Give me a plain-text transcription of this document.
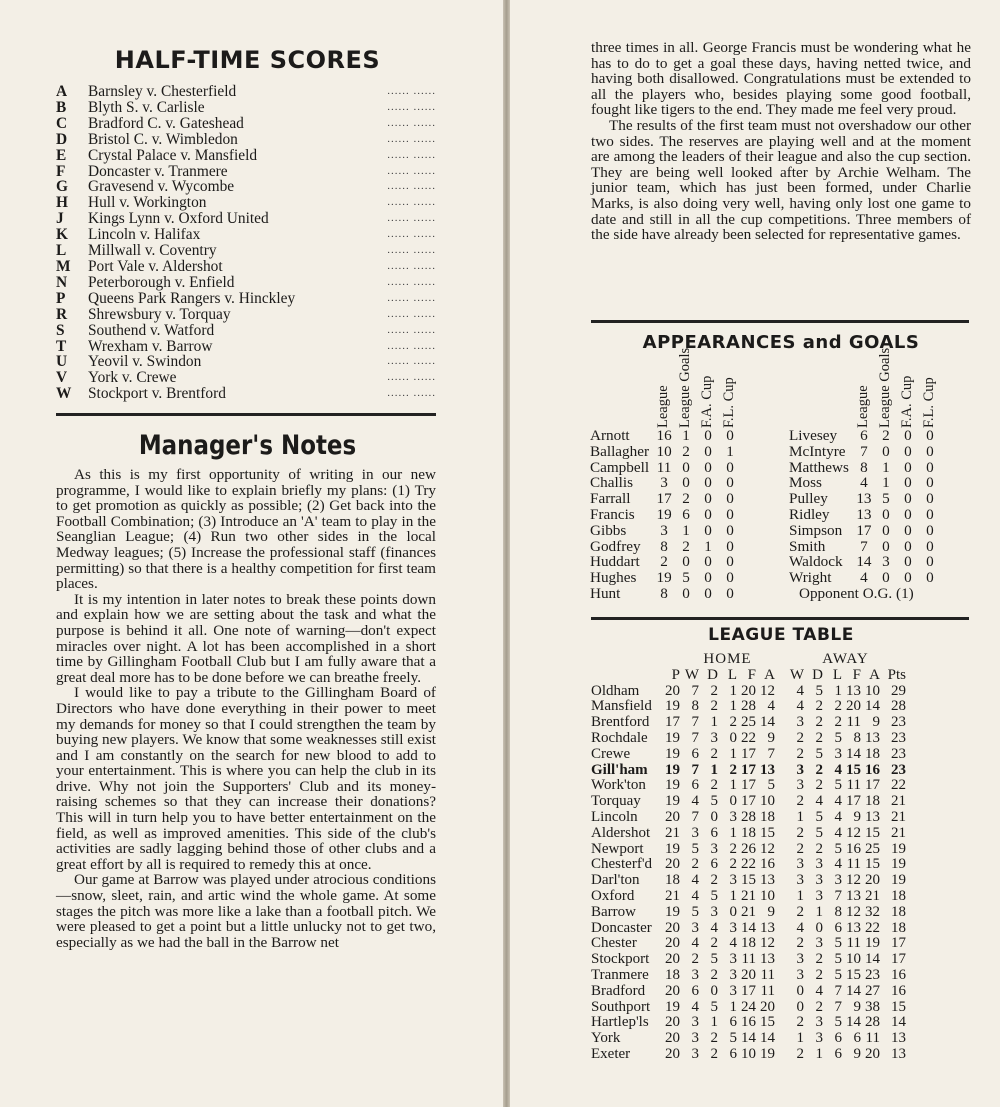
HALF-TIME SCORES
A	Barnsley v. Chesterfield	...... ......
B	Blyth S. v. Carlisle	...... ......
C	Bradford C. v. Gateshead	...... ......
D	Bristol C. v. Wimbledon	...... ......
E	Crystal Palace v. Mansfield	...... ......
F	Doncaster v. Tranmere	...... ......
G	Gravesend v. Wycombe	...... ......
H	Hull v. Workington	...... ......
J	Kings Lynn v. Oxford United	...... ......
K	Lincoln v. Halifax	...... ......
L	Millwall v. Coventry	...... ......
M	Port Vale v. Aldershot	...... ......
N	Peterborough v. Enfield	...... ......
P	Queens Park Rangers v. Hinckley	...... ......
R	Shrewsbury v. Torquay	...... ......
S	Southend v. Watford	...... ......
T	Wrexham v. Barrow	...... ......
U	Yeovil v. Swindon	...... ......
V	York v. Crewe	...... ......
W	Stockport v. Brentford	...... ......
Manager's Notes

As this is my first opportunity of writing in our new programme, I would like to explain briefly my plans: (1) Try to get promotion as quickly as possible; (2) Get back into the Football Combination; (3) Introduce an 'A' team to play in the Seanglian League; (4) Run two other sides in the local Medway leagues; (5) Increase the professional staff (finances permitting) so that there is a healthy competition for first team places.

It is my intention in later notes to break these points down and explain how we are setting about the task and what the purpose is behind it all. One note of warning—don't expect miracles over night. A lot has been accomplished in a short time by Gillingham Football Club but I am fully aware that a great deal more has to be done before we can breathe freely.

I would like to pay a tribute to the Gillingham Board of Directors who have done everything in their power to meet my demands for money so that I could strengthen the team by buying new players. We know that some weaknesses still exist and I am constantly on the search for new blood to add to your entertainment. This is where you can help the club in its drive. Why not join the Supporters' Club and its money-raising schemes so that they can increase their donations? This will in turn help you to have better entertainment on the field, as well as improved amenities. This side of the club's activities are sadly lagging behind those of other clubs and a great effort by all is required to remedy this at once.

Our game at Barrow was played under atrocious conditions—snow, sleet, rain, and artic wind the whole game. At some stages the pitch was more like a lake than a football pitch. We were pleased to get a point but a little unlucky not to get two, especially as we had the ball in the Barrow net

three times in all. George Francis must be wondering what he has to do to get a goal these days, having netted twice, and having both disallowed. Congratulations must be extended to all the players who, besides playing some good football, fought like tigers to the end. They made me feel very proud.

The results of the first team must not overshadow our other two sides. The reserves are playing well and at the moment are among the leaders of their league and also the cup section. They are being well looked after by Archie Welham. The junior team, which has just been formed, under Charlie Marks, is also doing very well, having only lost one game to date and still in all the cup competitions. Three members of the side have already been selected for representative games.

APPEARANCES and GOALS
	League	League Goals	F.A. Cup	F.L. Cup
Arnott	16	1	0	0
Ballagher	10	2	0	1
Campbell	11	0	0	0
Challis	3	0	0	0
Farrall	17	2	0	0
Francis	19	6	0	0
Gibbs	3	1	0	0
Godfrey	8	2	1	0
Huddart	2	0	0	0
Hughes	19	5	0	0
Hunt	8	0	0	0
	League	League Goals	F.A. Cup	F.L. Cup
Livesey	6	2	0	0
McIntyre	7	0	0	0
Matthews	8	1	0	0
Moss	4	1	0	0
Pulley	13	5	0	0
Ridley	13	0	0	0
Simpson	17	0	0	0
Smith	7	0	0	0
Waldock	14	3	0	0
Wright	4	0	0	0
Opponent O.G. (1)				
LEAGUE TABLE
		HOME						AWAY					
	P	W	D	L	F	A		W	D	L	F	A	Pts
Oldham	20	7	2	1	20	12		4	5	1	13	10	29
Mansfield	19	8	2	1	28	4		4	2	2	20	14	28
Brentford	17	7	1	2	25	14		3	2	2	11	9	23
Rochdale	19	7	3	0	22	9		2	2	5	8	13	23
Crewe	19	6	2	1	17	7		2	5	3	14	18	23
Gill'ham	19	7	1	2	17	13		3	2	4	15	16	23
Work'ton	19	6	2	1	17	5		3	2	5	11	17	22
Torquay	19	4	5	0	17	10		2	4	4	17	18	21
Lincoln	20	7	0	3	28	18		1	5	4	9	13	21
Aldershot	21	3	6	1	18	15		2	5	4	12	15	21
Newport	19	5	3	2	26	12		2	2	5	16	25	19
Chesterf'd	20	2	6	2	22	16		3	3	4	11	15	19
Darl'ton	18	4	2	3	15	13		3	3	3	12	20	19
Oxford	21	4	5	1	21	10		1	3	7	13	21	18
Barrow	19	5	3	0	21	9		2	1	8	12	32	18
Doncaster	20	3	4	3	14	13		4	0	6	13	22	18
Chester	20	4	2	4	18	12		2	3	5	11	19	17
Stockport	20	2	5	3	11	13		3	2	5	10	14	17
Tranmere	18	3	2	3	20	11		3	2	5	15	23	16
Bradford	20	6	0	3	17	11		0	4	7	14	27	16
Southport	19	4	5	1	24	20		0	2	7	9	38	15
Hartlep'ls	20	3	1	6	16	15		2	3	5	14	28	14
York	20	3	2	5	14	14		1	3	6	6	11	13
Exeter	20	3	2	6	10	19		2	1	6	9	20	13
